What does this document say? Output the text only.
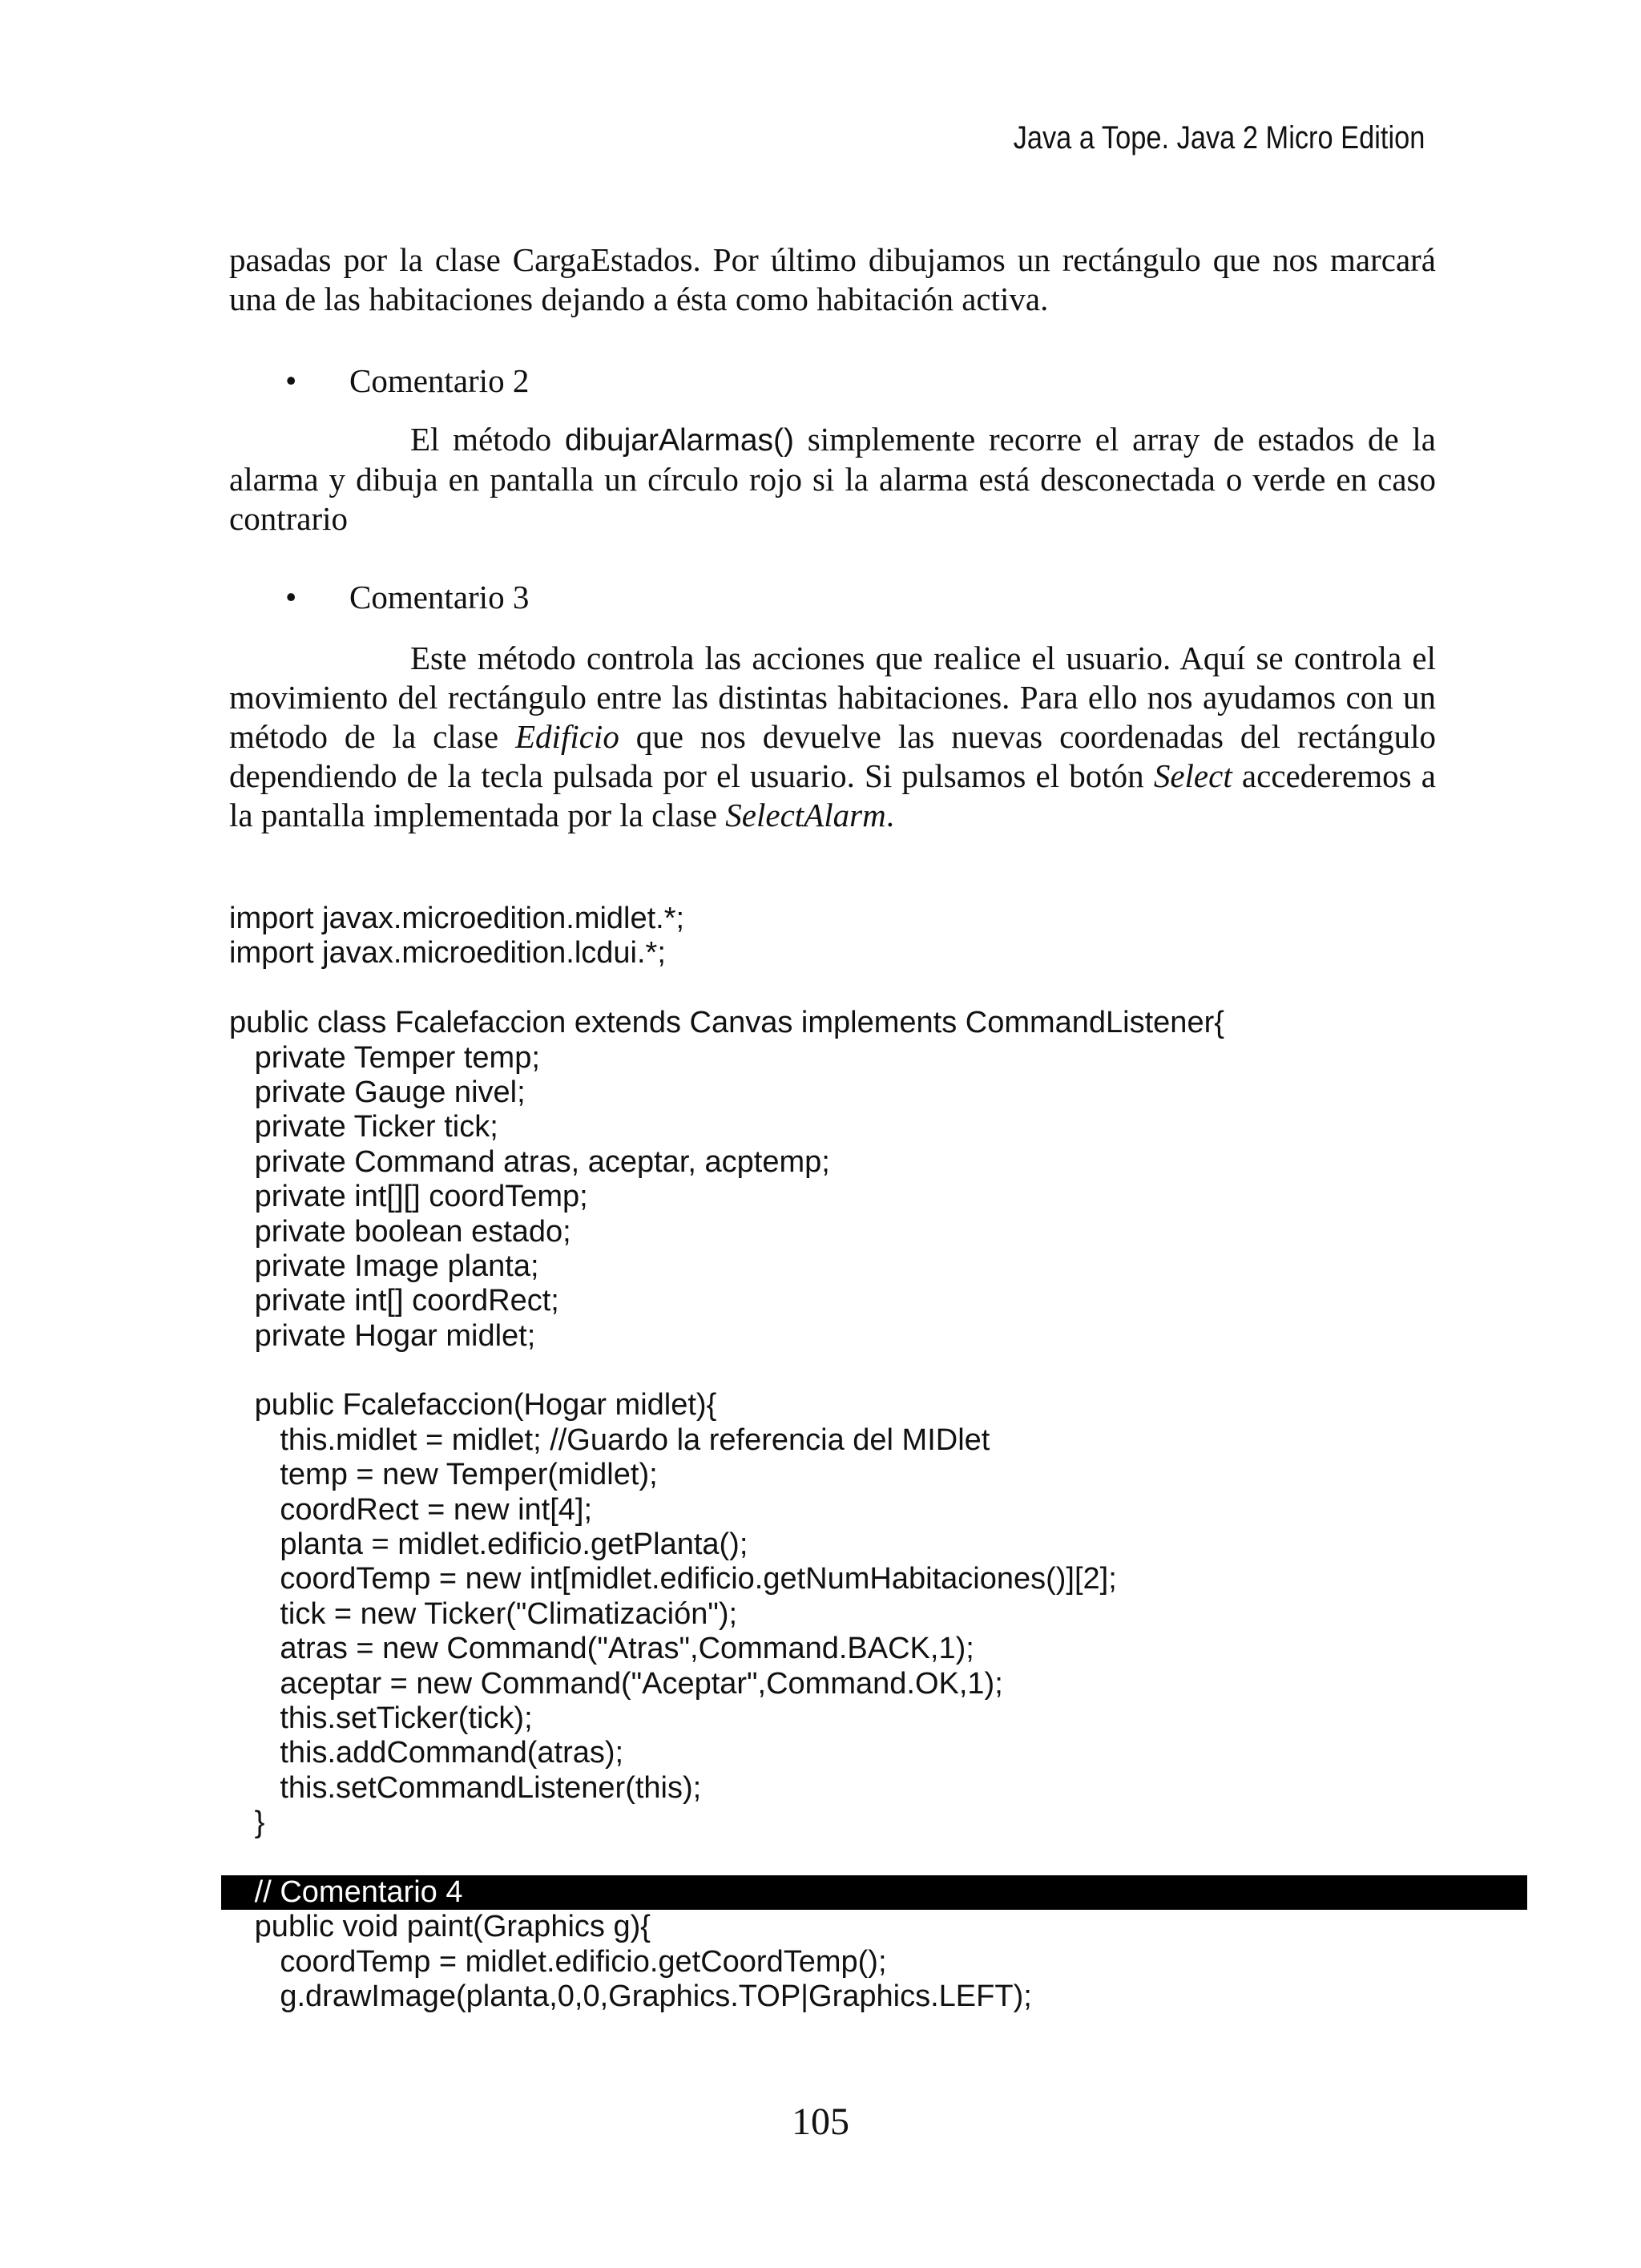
Java a Tope. Java 2 Micro Edition

pasadas por la clase CargaEstados. Por último dibujamos un rectángulo que nos marcará una de las habitaciones dejando a ésta como habitación activa.

• Comentario 2

El método dibujarAlarmas() simplemente recorre el array de estados de la alarma y dibuja en pantalla un círculo rojo si la alarma está desconectada o verde en caso contrario

• Comentario 3

Este método controla las acciones que realice el usuario. Aquí se controla el movimiento del rectángulo entre las distintas habitaciones. Para ello nos ayudamos con un método de la clase Edificio que nos devuelve las nuevas coordenadas del rectángulo dependiendo de la tecla pulsada por el usuario. Si pulsamos el botón Select accederemos a la pantalla implementada por la clase SelectAlarm.

import javax.microedition.midlet.*;
import javax.microedition.lcdui.*;
public class Fcalefaccion extends Canvas implements CommandListener{
private Temper temp;
private Gauge nivel;
private Ticker tick;
private Command atras, aceptar, acptemp;
private int[][] coordTemp;
private boolean estado;
private Image planta;
private int[] coordRect;
private Hogar midlet;
public Fcalefaccion(Hogar midlet){
this.midlet = midlet; //Guardo la referencia del MIDlet
temp = new Temper(midlet);
coordRect = new int[4];
planta = midlet.edificio.getPlanta();
coordTemp = new int[midlet.edificio.getNumHabitaciones()][2];
tick = new Ticker("Climatización");
atras = new Command("Atras",Command.BACK,1);
aceptar = new Command("Aceptar",Command.OK,1);
this.setTicker(tick);
this.addCommand(atras);
this.setCommandListener(this);
}
// Comentario 4
public void paint(Graphics g){
coordTemp = midlet.edificio.getCoordTemp();
g.drawImage(planta,0,0,Graphics.TOP|Graphics.LEFT);
105
